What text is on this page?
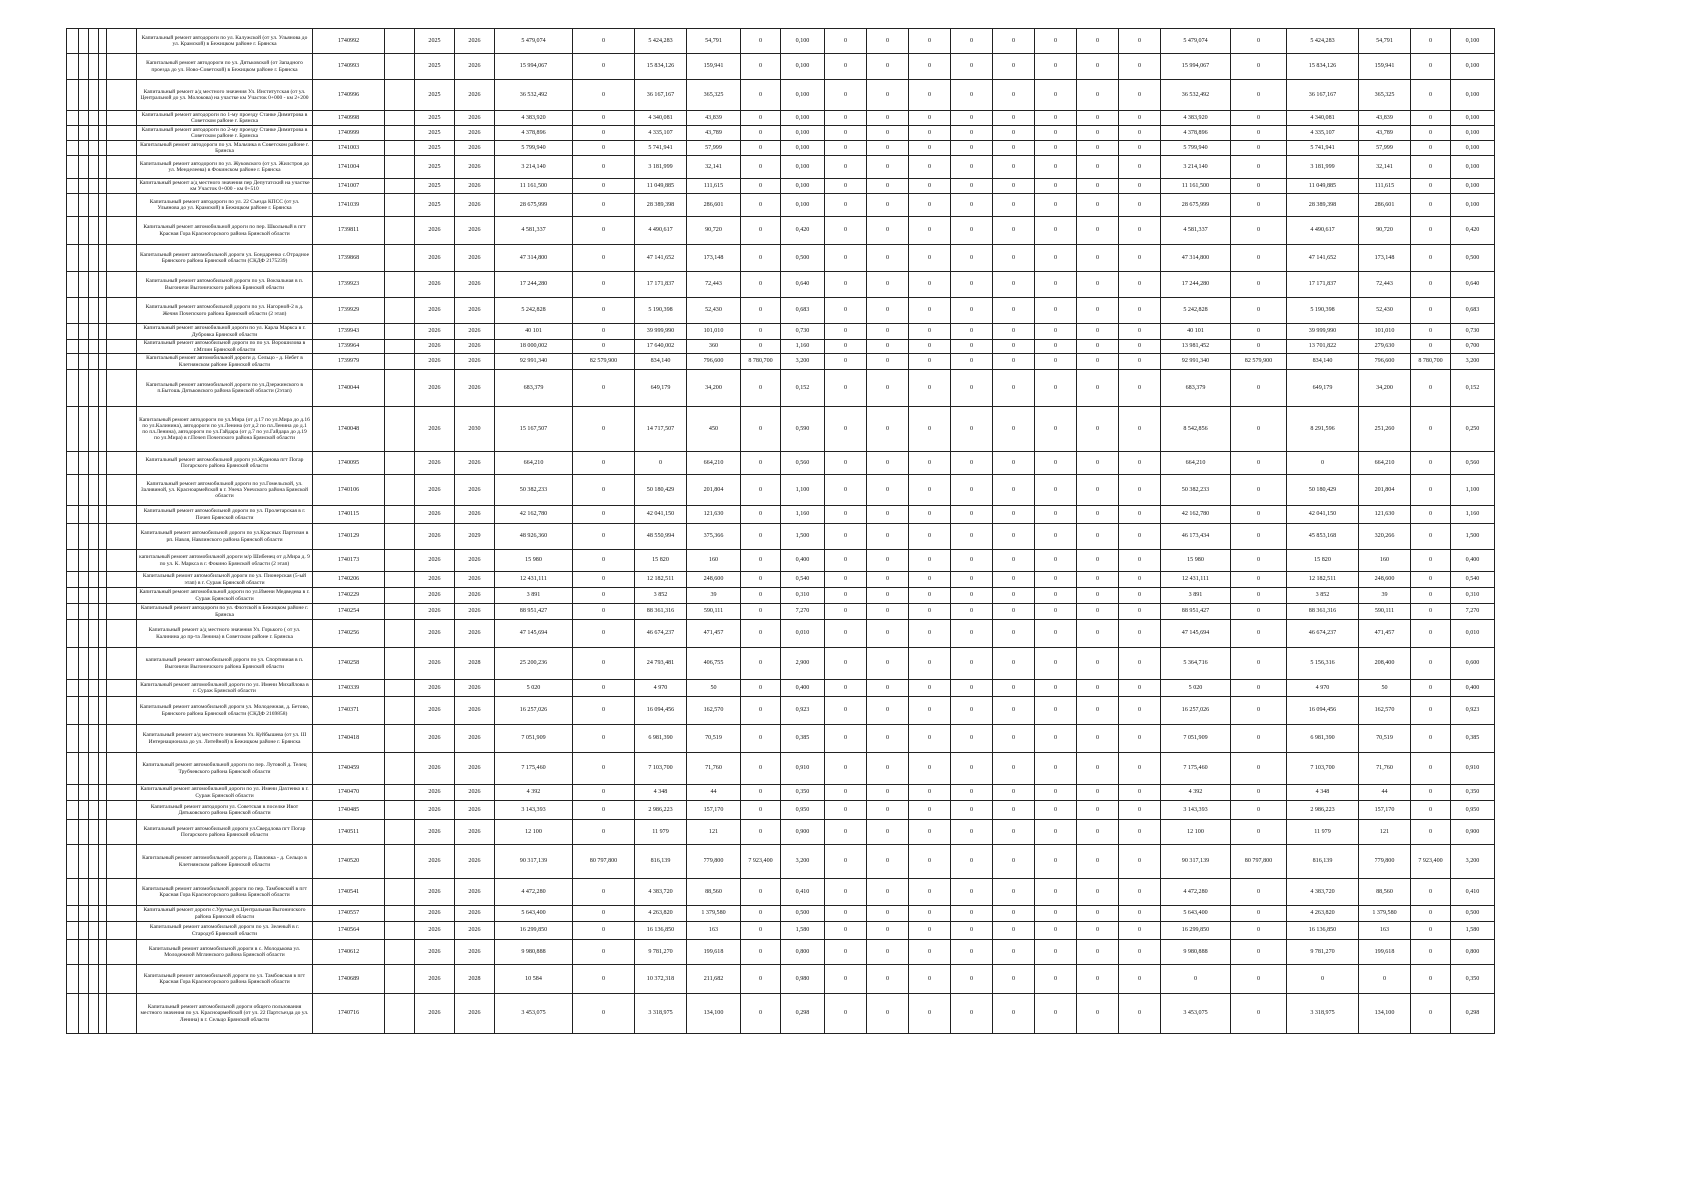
					Капитальный ремонт автодороги по ул. Калужской (от ул. Ульянова до ул. Крамской) в Бежицком районе г. Брянска	1740992		2025	2026	5 479,074	0	5 424,283	54,791	0	0,100	0	0	0	0	0	0	0	0	5 479,074	0	5 424,283	54,791	0	0,100
					Капитальный ремонт автодороги по ул. Дятьковской (от Западного проезда до ул. Ново-Советской) в Бежицком районе г. Брянска	1740993		2025	2026	15 994,067	0	15 834,126	159,941	0	0,100	0	0	0	0	0	0	0	0	15 994,067	0	15 834,126	159,941	0	0,100
					Капитальный ремонт а/д местного значения Ул. Институтская (от ул. Центральной до ул. Молокова) на участке км Участок 0+000 - км 2+200	1740996		2025	2026	36 532,492	0	36 167,167	365,325	0	0,100	0	0	0	0	0	0	0	0	36 532,492	0	36 167,167	365,325	0	0,100
					Капитальный ремонт автодороги по 1-му проезду Станке Димитрова в Советском районе г. Брянска	1740998		2025	2026	4 383,920	0	4 340,081	43,839	0	0,100	0	0	0	0	0	0	0	0	4 383,920	0	4 340,081	43,839	0	0,100
					Капитальный ремонт автодороги по 2-му проезду Станке Димитрова в Советском районе г. Брянска	1740999		2025	2026	4 378,896	0	4 335,107	43,789	0	0,100	0	0	0	0	0	0	0	0	4 378,896	0	4 335,107	43,789	0	0,100
					Капитальный ремонт автодороги по ул. Мальчика в Советском районе г. Брянска	1741003		2025	2026	5 799,940	0	5 741,941	57,999	0	0,100	0	0	0	0	0	0	0	0	5 799,940	0	5 741,941	57,999	0	0,100
					Капитальный ремонт автодороги по ул. Жуковского (от ул. Жилстроя до ул. Менделеева) в Фокинском районе г. Брянска	1741004		2025	2026	3 214,140	0	3 181,999	32,141	0	0,100	0	0	0	0	0	0	0	0	3 214,140	0	3 181,999	32,141	0	0,100
					Капитальный ремонт а/д местного значения пер Депутатский на участке км Участок 0+000 - км 0+510	1741007		2025	2026	11 161,500	0	11 049,885	111,615	0	0,100	0	0	0	0	0	0	0	0	11 161,500	0	11 049,885	111,615	0	0,100
					Капитальный ремонт автодороги по ул. 22 Съезда КПСС (от ул. Ульянова до ул. Крамской) в Бежицком районе г. Брянска	1741039		2025	2026	28 675,999	0	28 389,398	286,601	0	0,100	0	0	0	0	0	0	0	0	28 675,999	0	28 389,398	286,601	0	0,100
					Капитальный ремонт автомобильной дороги по пер. Школьный в пгт Красная Гора Красногорского района Брянской области	1739811		2026	2026	4 581,337	0	4 490,617	90,720	0	0,420	0	0	0	0	0	0	0	0	4 581,337	0	4 490,617	90,720	0	0,420
					Капитальный ремонт автомобильной дороги ул. Бондаренко с.Отрадное Брянского района Брянской области (СКДФ 2175239)	1739868		2026	2026	47 314,800	0	47 141,652	173,148	0	0,500	0	0	0	0	0	0	0	0	47 314,800	0	47 141,652	173,148	0	0,500
					Капитальный ремонт автомобильной дороги по ул. Вокзальная в п. Выгоничи Выгоничского района Брянской области	1739923		2026	2026	17 244,280	0	17 171,837	72,443	0	0,640	0	0	0	0	0	0	0	0	17 244,280	0	17 171,837	72,443	0	0,640
					Капитальный ремонт автомобильной дороги по ул. Нагорной-2 в д. Жечня Почепского района Брянской области (2 этап)	1739929		2026	2026	5 242,828	0	5 190,398	52,430	0	0,683	0	0	0	0	0	0	0	0	5 242,828	0	5 190,398	52,430	0	0,683
					Капитальный ремонт автомобильной дороги по ул. Карла Маркса в г. Дубровка Брянской области	1739943		2026	2026	40 101	0	39 999,990	101,010	0	0,730	0	0	0	0	0	0	0	0	40 101	0	39 999,990	101,010	0	0,730
					Капитальный ремонт автомобильной дороги по по ул. Ворошилова в г.Мглин Брянской области	1739964		2026	2026	18 000,002	0	17 640,002	360	0	1,160	0	0	0	0	0	0	0	0	13 981,452	0	13 701,822	279,630	0	0,700
					Капитальный ремонт автомобильной дороги д. Сельцо - д. Небет в Клетнянском районе Брянской области	1739979		2026	2026	92 991,340	82 579,900	834,140	796,600	8 780,700	3,200	0	0	0	0	0	0	0	0	92 991,340	82 579,900	834,140	796,600	8 780,700	3,200
					Капитальный ремонт автомобильной дороги по ул.Дзержинского в п.Бытошь Дятьковского района Брянской области (2этап)	1740044		2026	2026	683,379	0	649,179	34,200	0	0,152	0	0	0	0	0	0	0	0	683,379	0	649,179	34,200	0	0,152
					Капитальный ремонт автодороги по ул.Мира (от д.17 по ул.Мира до д.16 по ул.Калинина), автодороги по ул.Ленина (от д.2 по пл.Ленина до д.1 по пл.Ленина), автодороги по ул.Гайдара (от д.7 по ул.Гайдара до д.19 по ул.Мира) в г.Почеп Почепского района Брянской области	1740048		2026	2030	15 167,507	0	14 717,507	450	0	0,590	0	0	0	0	0	0	0	0	8 542,856	0	8 291,596	251,260	0	0,250
					Капитальный ремонт автомобильной дороги ул.Жданова пгт Погар Погарского района Брянской области	1740095		2026	2026	664,210	0	0	664,210	0	0,560	0	0	0	0	0	0	0	0	664,210	0	0	664,210	0	0,560
					Капитальный ремонт автомобильной дороги по ул.Гомельской, ул. Заливиной, ул. Красноармейской в г. Унеча Унечского района Брянской области	1740106		2026	2026	50 382,233	0	50 180,429	201,804	0	1,100	0	0	0	0	0	0	0	0	50 382,233	0	50 180,429	201,804	0	1,100
					Капитальный ремонт автомобильной дороги по ул. Пролетарская в г. Почеп Брянской области	1740115		2026	2026	42 162,780	0	42 041,150	121,630	0	1,160	0	0	0	0	0	0	0	0	42 162,780	0	42 041,150	121,630	0	1,160
					Капитальный ремонт автомобильной дороги по ул.Красных Партизан в рп. Навля, Навлинского района Брянской области	1740129		2026	2029	48 926,360	0	48 550,994	375,366	0	1,500	0	0	0	0	0	0	0	0	46 173,434	0	45 853,168	320,266	0	1,500
					капитальный ремонт автомобильной дороги м/р Шибенец от д.Мира д. 9 по ул. К. Маркса в г. Фокино Брянской области (2 этап)	1740173		2026	2026	15 980	0	15 820	160	0	0,400	0	0	0	0	0	0	0	0	15 980	0	15 820	160	0	0,400
					Капитальный ремонт автомобильной дороги по ул. Пионерская (5-ый этап) в г. Сураж Брянской области	1740206		2026	2026	12 431,111	0	12 182,511	248,600	0	0,540	0	0	0	0	0	0	0	0	12 431,111	0	12 182,511	248,600	0	0,540
					Капитальный ремонт автомобильной дороги по ул.Имени Медведева в г. Сураж Брянской области	1740229		2026	2026	3 891	0	3 852	39	0	0,310	0	0	0	0	0	0	0	0	3 891	0	3 852	39	0	0,310
					Капитальный ремонт автодороги по ул. Флотской в Бежицком районе г. Брянска	1740254		2026	2026	88 951,427	0	88 361,316	590,111	0	7,270	0	0	0	0	0	0	0	0	88 951,427	0	88 361,316	590,111	0	7,270
					Капитальный ремонт а/д местного значения Ул. Горького ( от ул. Калинина до пр-та Ленина) в Советском районе г. Брянска	1740256		2026	2026	47 145,694	0	46 674,237	471,457	0	0,010	0	0	0	0	0	0	0	0	47 145,694	0	46 674,237	471,457	0	0,010
					капитальный ремонт автомобильной дороги по ул. Спортивная в п. Выгоничи Выгоничского района Брянской области	1740258		2026	2028	25 200,236	0	24 793,481	406,755	0	2,900	0	0	0	0	0	0	0	0	5 364,716	0	5 156,316	208,400	0	0,600
					Капитальный ремонт автомобильной дороги по ул. Имени Михайлова в г. Сураж Брянской области	1740339		2026	2026	5 020	0	4 970	50	0	0,400	0	0	0	0	0	0	0	0	5 020	0	4 970	50	0	0,400
					Капитальный ремонт автомобильной дороги ул. Молодежная, д. Бетово, Брянского района Брянской области (СКДФ 2169858)	1740371		2026	2026	16 257,026	0	16 094,456	162,570	0	0,923	0	0	0	0	0	0	0	0	16 257,026	0	16 094,456	162,570	0	0,923
					Капитальный ремонт а/д местного значения Ул. Куйбышева (от ул. III Интернационала до ул. Литейной) в Бежицком районе г. Брянска	1740418		2026	2026	7 051,909	0	6 981,390	70,519	0	0,385	0	0	0	0	0	0	0	0	7 051,909	0	6 981,390	70,519	0	0,385
					Капитальный ремонт автомобильной дороги по пер. Лутовой д. Телец Трубчевского района Брянской области	1740459		2026	2026	7 175,460	0	7 103,700	71,760	0	0,910	0	0	0	0	0	0	0	0	7 175,460	0	7 103,700	71,760	0	0,910
					Капитальный ремонт автомобильной дороги по ул. Имени Дахтенко в г. Сураж Брянской области	1740470		2026	2026	4 392	0	4 348	44	0	0,350	0	0	0	0	0	0	0	0	4 392	0	4 348	44	0	0,350
					Капитальный ремонт автодороги ул. Советская в поселке Ивот Дятьковского района Брянской области	1740485		2026	2026	3 143,393	0	2 986,223	157,170	0	0,950	0	0	0	0	0	0	0	0	3 143,393	0	2 986,223	157,170	0	0,950
					Капитальный ремонт автомобильной дороги ул.Свердлова пгт Погар Погарского района Брянской области	1740511		2026	2026	12 100	0	11 979	121	0	0,900	0	0	0	0	0	0	0	0	12 100	0	11 979	121	0	0,900
					Капитальный ремонт автомобильной дороги д. Павловка - д. Сельцо в Клетнянском районе Брянской области	1740520		2026	2026	90 317,139	80 797,800	816,139	779,800	7 923,400	3,200	0	0	0	0	0	0	0	0	90 317,139	80 797,800	816,139	779,800	7 923,400	3,200
					Капитальный ремонт автомобильной дороги по пер. Тамбовский в пгт Красная Гора Красногорского района Брянской области	1740541		2026	2026	4 472,280	0	4 383,720	88,560	0	0,410	0	0	0	0	0	0	0	0	4 472,280	0	4 383,720	88,560	0	0,410
					Капитальный ремонт дороги с.Уручье,ул.Центральная Выгоничского района Брянской области	1740557		2026	2026	5 643,400	0	4 263,820	1 379,580	0	0,500	0	0	0	0	0	0	0	0	5 643,400	0	4 263,820	1 379,580	0	0,500
					Капитальный ремонт автомобильной дороги по ул. Зеленый в г. Стародуб Брянской области	1740564		2026	2026	16 299,850	0	16 136,850	163	0	1,580	0	0	0	0	0	0	0	0	16 299,850	0	16 136,850	163	0	1,580
					Капитальный ремонт автомобильной дороги в с. Молодькова ул. Молодежной Мглинского района Брянской области	1740612		2026	2026	9 980,888	0	9 781,270	199,618	0	0,800	0	0	0	0	0	0	0	0	9 980,888	0	9 781,270	199,618	0	0,800
					Капитальный ремонт автомобильной дороги по ул. Тамбовская в пгт Красная Гора Красногорского района Брянской области	1740689		2026	2028	10 584	0	10 372,318	211,682	0	0,980	0	0	0	0	0	0	0	0	0	0	0	0	0	0,350
					Капитальный ремонт автомобильной дороги общего пользования местного значения по ул. Красноармейской (от ул. 22 Партсъезда до ул. Ленина) в г. Сельцо Брянской области	1740716		2026	2026	3 453,075	0	3 318,975	134,100	0	0,298	0	0	0	0	0	0	0	0	3 453,075	0	3 318,975	134,100	0	0,298
